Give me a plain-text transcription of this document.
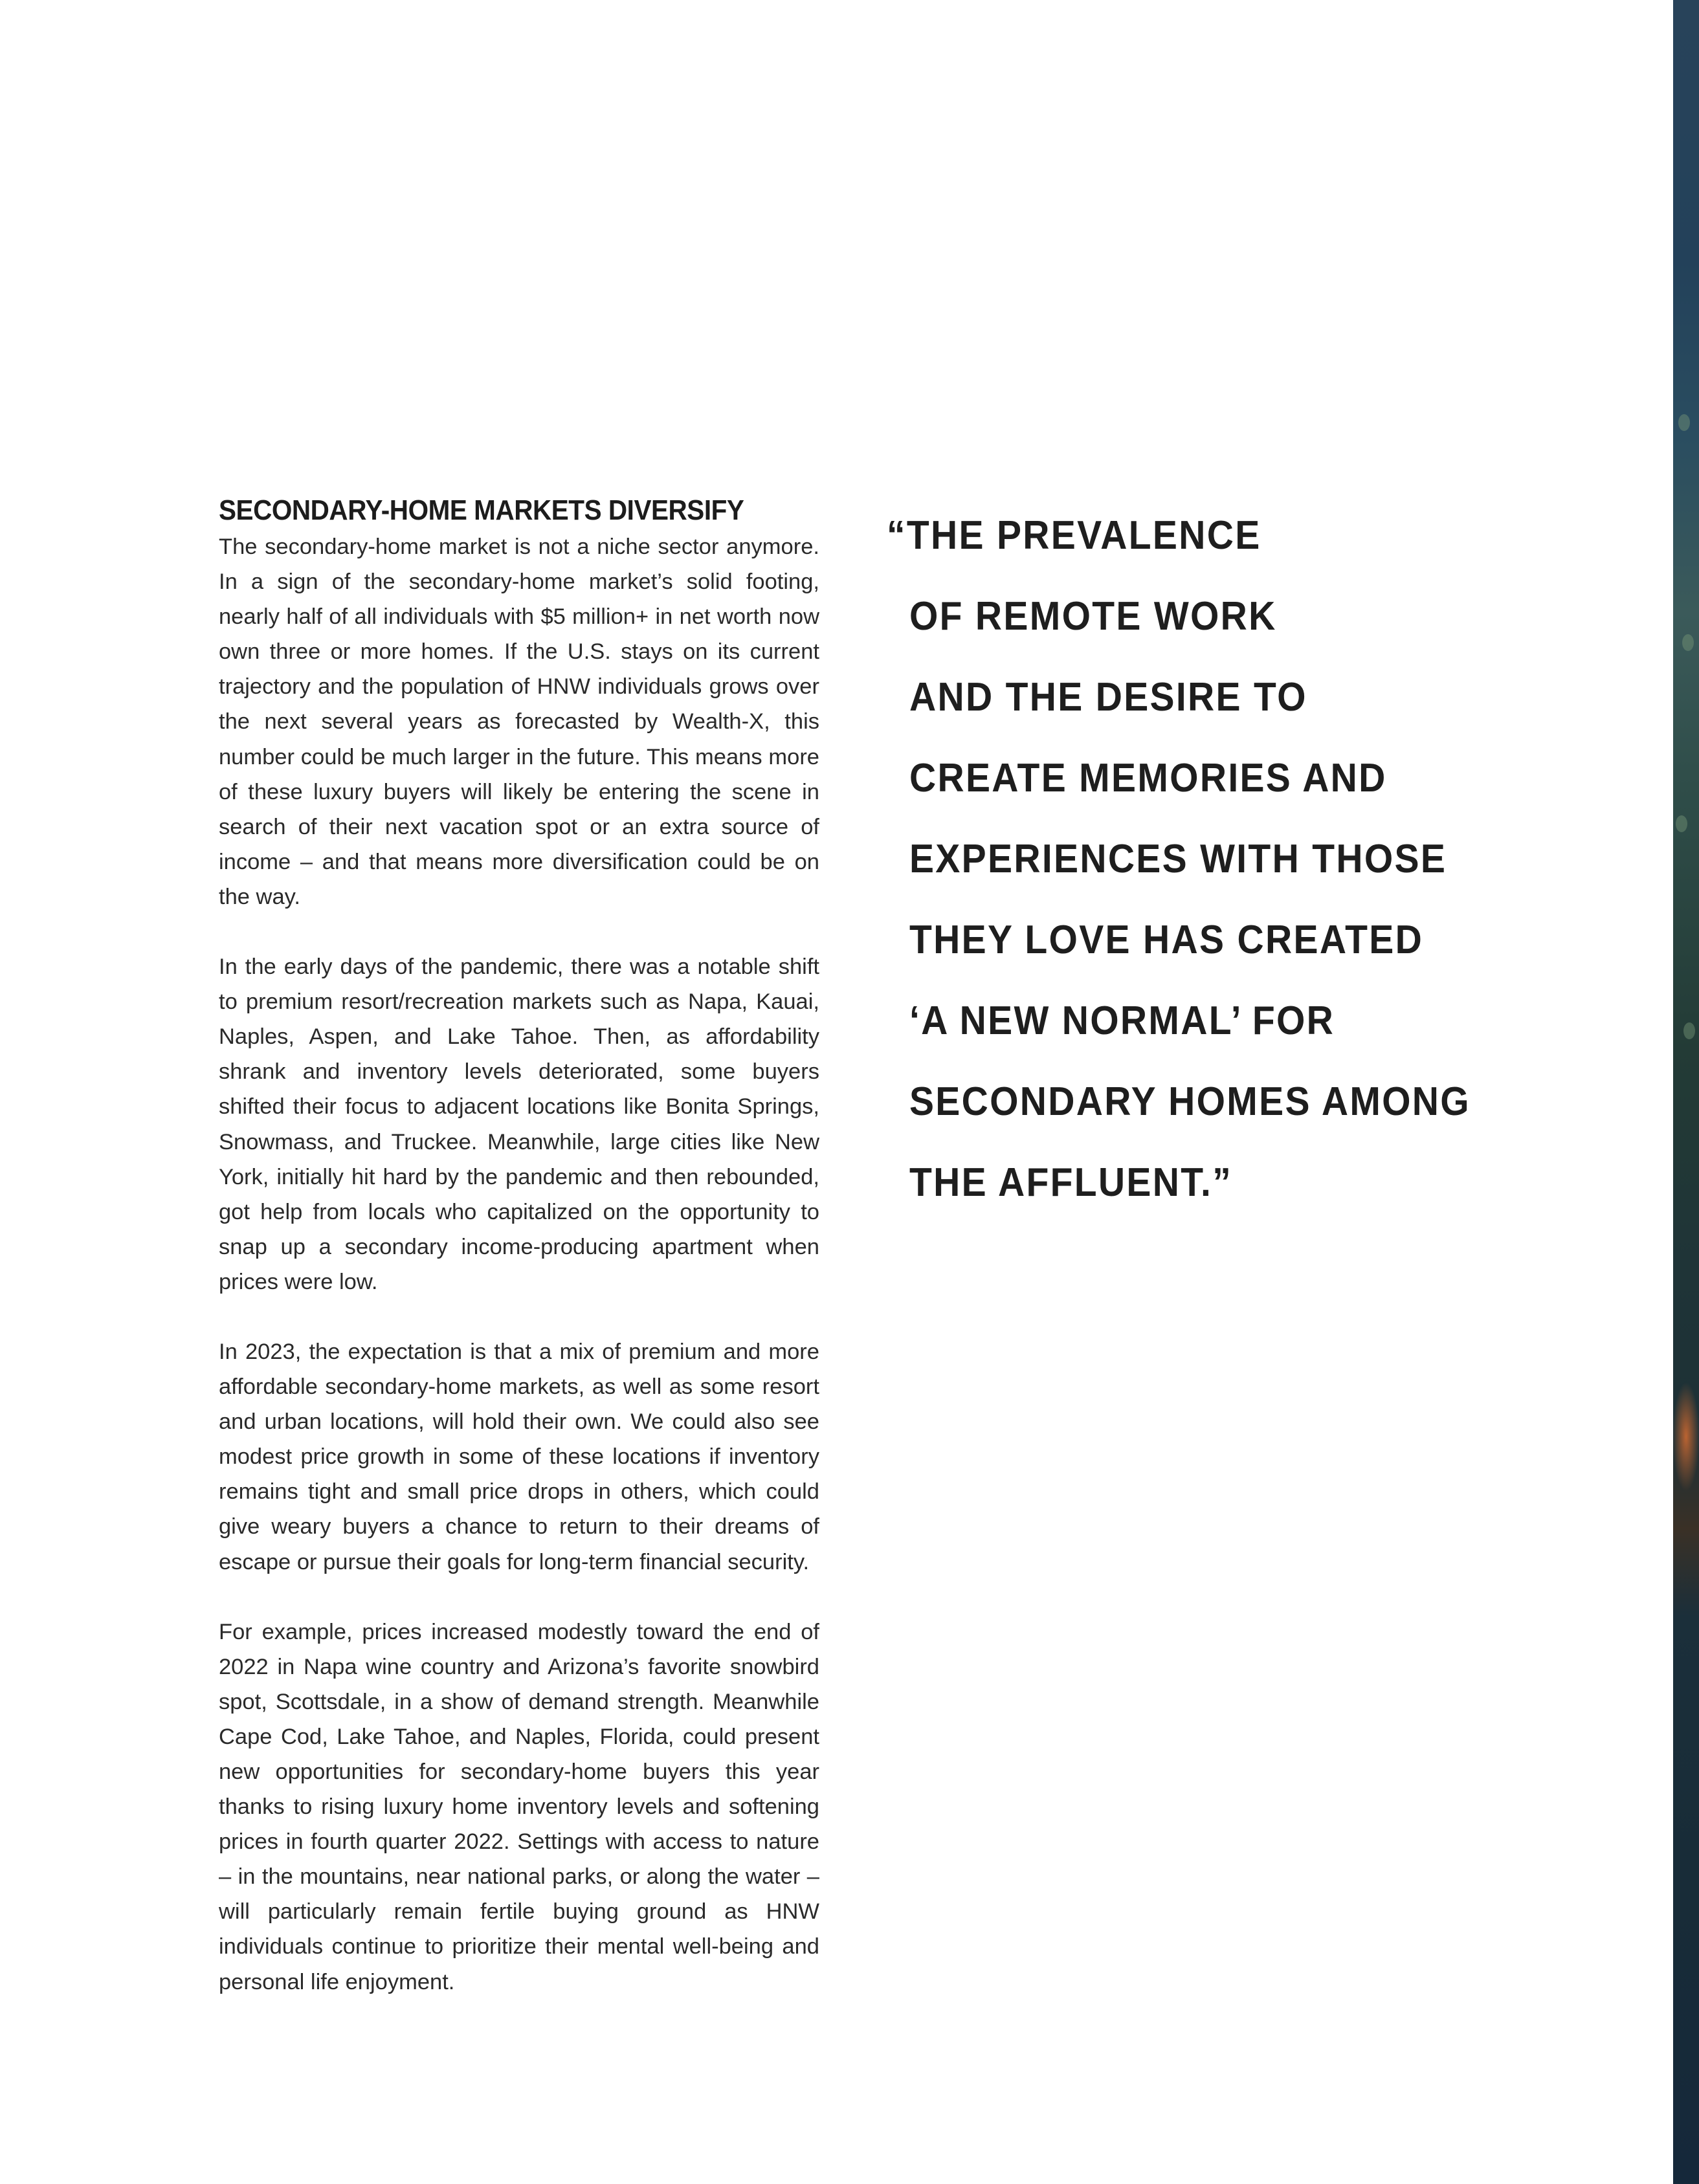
SECONDARY-HOME MARKETS DIVERSIFY

The secondary-home market is not a niche sector anymore. In a sign of the secondary-home market’s solid footing, nearly half of all individuals with $5 million+ in net worth now own three or more homes. If the U.S. stays on its current trajectory and the population of HNW individuals grows over the next several years as forecasted by Wealth-X, this number could be much larger in the future. This means more of these luxury buyers will likely be entering the scene in search of their next vacation spot or an extra source of income – and that means more diversification could be on the way.

In the early days of the pandemic, there was a notable shift to premium resort/recreation markets such as Napa, Kauai, Naples, Aspen, and Lake Tahoe. Then, as affordability shrank and inventory levels deteriorated, some buyers shifted their focus to adjacent locations like Bonita Springs, Snowmass, and Truckee. Meanwhile, large cities like New York, initially hit hard by the pandemic and then rebounded, got help from locals who capitalized on the opportunity to snap up a secondary income-producing apartment when prices were low.

In 2023, the expectation is that a mix of premium and more affordable secondary-home markets, as well as some resort and urban locations, will hold their own. We could also see modest price growth in some of these locations if inventory remains tight and small price drops in others, which could give weary buyers a chance to return to their dreams of escape or pursue their goals for long-term financial security.

For example, prices increased modestly toward the end of 2022 in Napa wine country and Arizona’s favorite snowbird spot, Scottsdale, in a show of demand strength. Meanwhile Cape Cod, Lake Tahoe, and Naples, Florida, could present new opportunities for secondary-home buyers this year thanks to rising luxury home inventory levels and softening prices in fourth quarter 2022. Settings with access to nature – in the mountains, near national parks, or along the water – will particularly remain fertile buying ground as HNW individuals continue to prioritize their mental well-being and personal life enjoyment.

“THE PREVALENCE
OF REMOTE WORK
AND THE DESIRE TO
CREATE MEMORIES AND
EXPERIENCES WITH THOSE
THEY LOVE HAS CREATED
‘A NEW NORMAL’ FOR
SECONDARY HOMES AMONG
THE AFFLUENT.”
